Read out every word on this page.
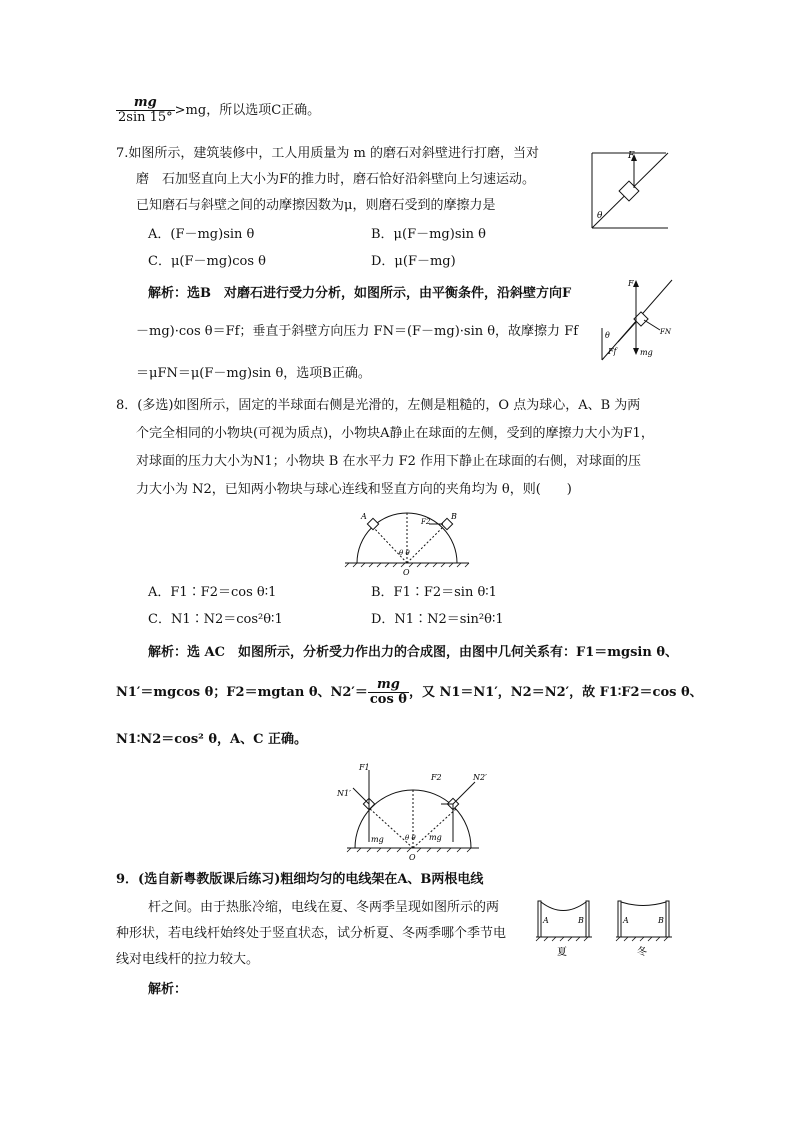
$\frac{mg}{2\sin 15^\circ} >mg$，所以选项C正确。
7.如图所示，建筑装修中，工人用质量为 m 的磨石对斜壁进行打磨，当对
磨　石加竖直向上大小为F的推力时，磨石恰好沿斜壁向上匀速运动。
已知磨石与斜壁之间的动摩擦因数为μ，则磨石受到的摩擦力是
A．(F－mg)sin θ	B．μ(F－mg)sin θ
C．μ(F－mg)cos θ	D．μ(F－mg)
解析：选B　对磨石进行受力分析，如图所示，由平衡条件，沿斜壁方向F
－mg)·cos θ＝Ff；垂直于斜壁方向压力 FN＝(F－mg)·sin θ，故摩擦力 Ff
＝μFN＝μ(F－mg)sin θ，选项B正确。
F
θ
F
θ
Ff
FN
mg
8．(多选)如图所示，固定的半球面右侧是光滑的，左侧是粗糙的，O 点为球心，A、B 为两
个完全相同的小物块(可视为质点)，小物块A静止在球面的左侧，受到的摩擦力大小为F1，
对球面的压力大小为N1；小物块 B 在水平力 F2 作用下静止在球面的右侧，对球面的压
力大小为 N2，已知两小物块与球心连线和竖直方向的夹角均为 θ，则(　　)
A	B
F2
O
θ θ
A．F1∶F2＝cos θ∶1	B．F1∶F2＝sin θ∶1
C．N1∶N2＝cos²θ∶1	D．N1∶N2＝sin²θ∶1
解析：选 AC　如图所示，分析受力作出力的合成图，由图中几何关系有：F1＝mgsin θ、
N1′＝mgcos θ；F2＝mgtan θ、$N2'= \frac{mg}{\text{cos θ}}$ ，又 N1＝N1′，N2＝N2′，故 F1∶F2＝cos θ、
N1∶N2＝cos² θ，A、C 正确。
F1
N1′
F2	N2′
mg	mg
O
θ θ
9．(选自新粤教版课后练习)粗细均匀的电线架在A、B两根电线
杆之间。由于热胀冷缩，电线在夏、冬两季呈现如图所示的两
种形状，若电线杆始终处于竖直状态，试分析夏、冬两季哪个季节电
线对电线杆的拉力较大。
解析：
A	B
夏
A	B
冬
